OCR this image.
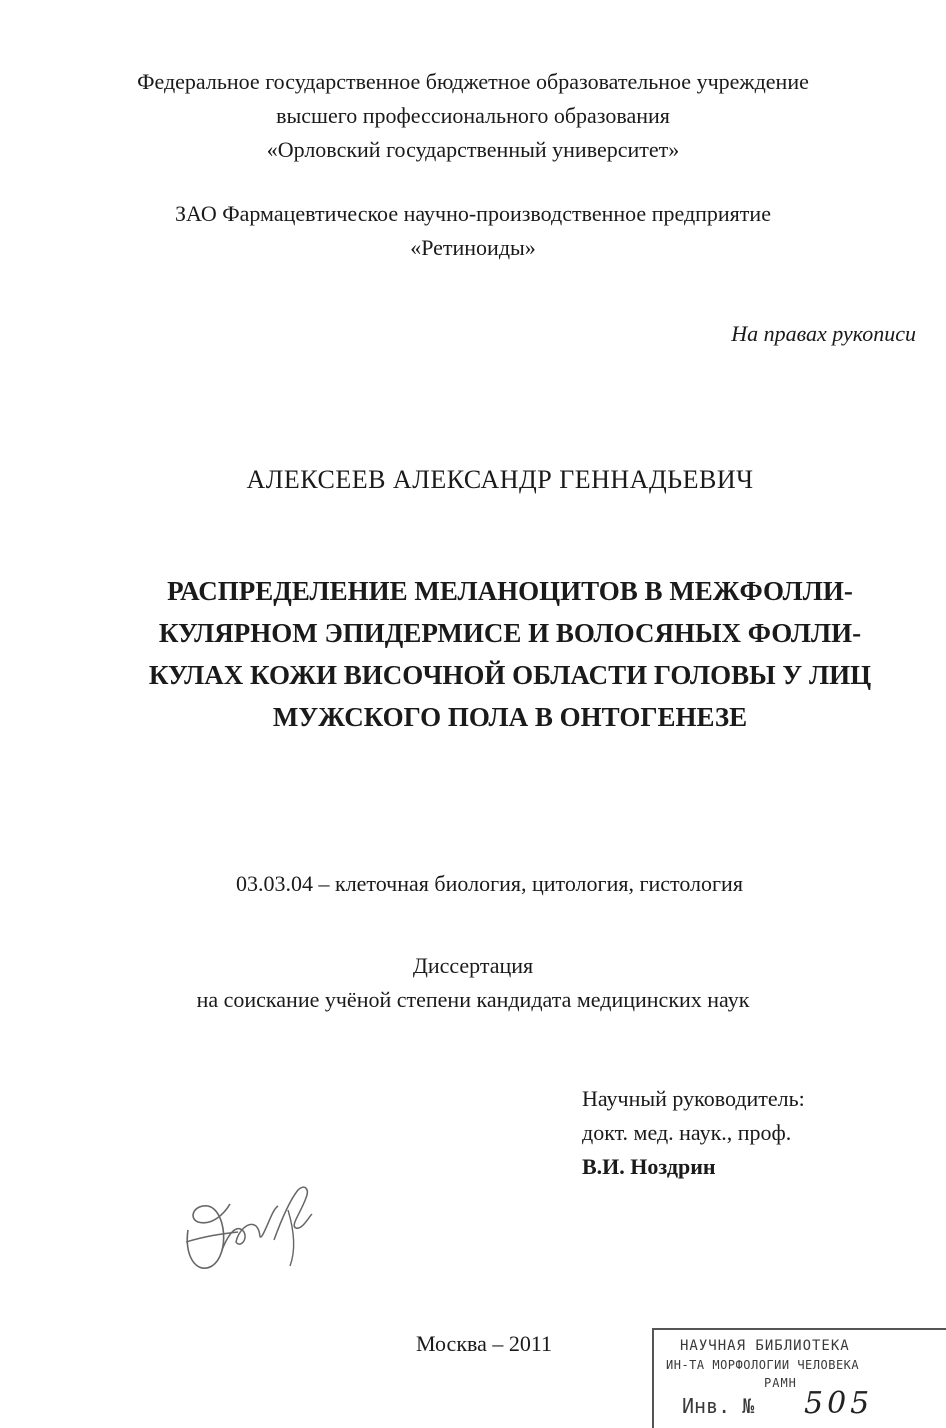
Федеральное государственное бюджетное образовательное учреждение
высшего профессионального образования
«Орловский государственный университет»
ЗАО Фармацевтическое научно-производственное предприятие
«Ретиноиды»
На правах рукописи
АЛЕКСЕЕВ АЛЕКСАНДР ГЕННАДЬЕВИЧ
РАСПРЕДЕЛЕНИЕ МЕЛАНОЦИТОВ В МЕЖФОЛЛИ-
КУЛЯРНОМ ЭПИДЕРМИСЕ И ВОЛОСЯНЫХ ФОЛЛИ-
КУЛАХ КОЖИ ВИСОЧНОЙ ОБЛАСТИ ГОЛОВЫ У ЛИЦ
МУЖСКОГО ПОЛА В ОНТОГЕНЕЗЕ
03.03.04 – клеточная биология, цитология, гистология
Диссертация
на соискание учёной степени кандидата медицинских наук
Научный руководитель:
докт. мед. наук., проф.
В.И. Ноздрин
Москва – 2011	НАУЧНАЯ БИБЛИОТЕКА
ИН-ТА МОРФОЛОГИИ ЧЕЛОВЕКА
РАМН
Инв. № 505
